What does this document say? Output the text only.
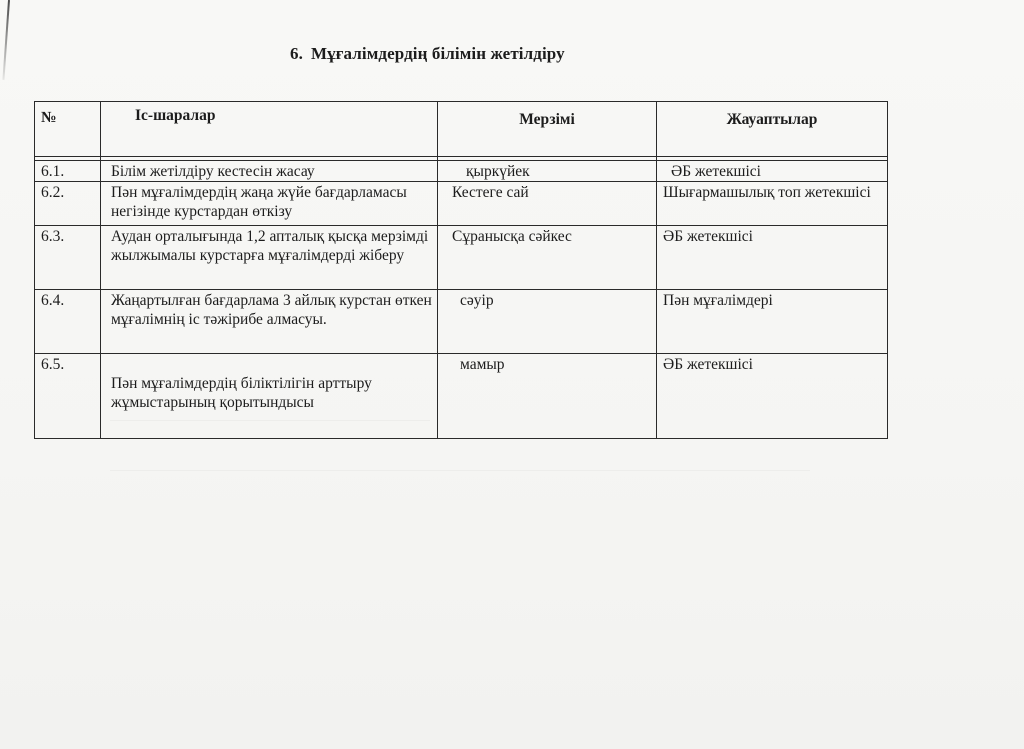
6. Мұғалімдердің білімін жетілдіру
№	Іс-шаралар	Мерзімі	Жауаптылар

6.1.	Білім жетілдіру кестесін жасау	қыркүйек	ӘБ жетекшісі
6.2.	Пән мұғалімдердің жаңа жүйе бағдарламасы негізінде курстардан өткізу	Кестеге сай	Шығармашылық топ жетекшісі
6.3.	Аудан орталығында 1,2 апталық қысқа мерзімді жылжымалы курстарға мұғалімдерді жіберу	Сұранысқа сәйкес	ӘБ жетекшісі
6.4.	Жаңартылған бағдарлама 3 айлық курстан өткен мұғалімнің іс тәжірибе алмасуы.	сәуір	Пән мұғалімдері
6.5.	Пән мұғалімдердің біліктілігін арттыру жұмыстарының қорытындысы	мамыр	ӘБ жетекшісі
